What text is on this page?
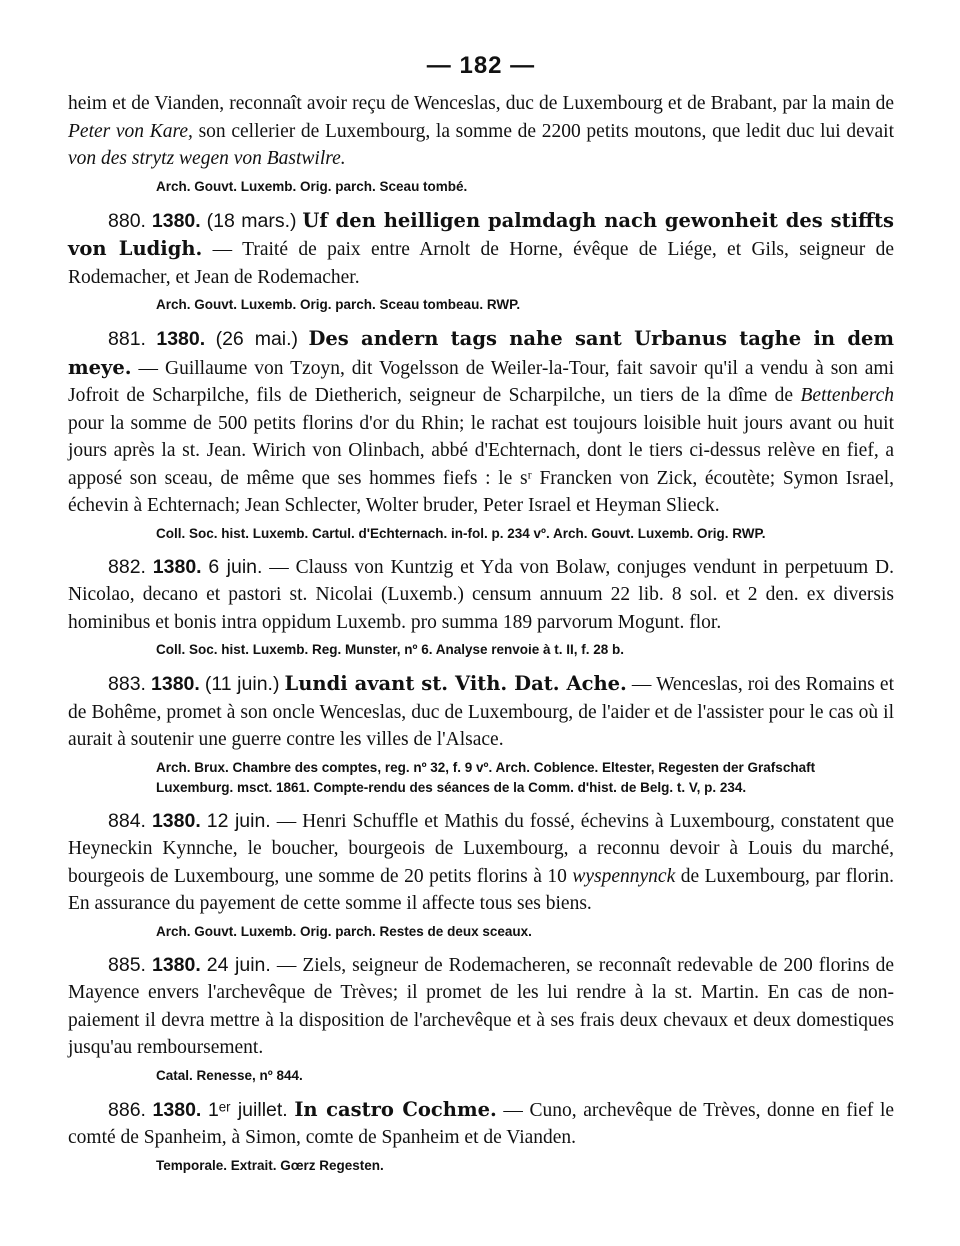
— 182 —

heim et de Vianden, reconnaît avoir reçu de Wenceslas, duc de Luxembourg et de Brabant, par la main de Peter von Kare, son cellerier de Luxembourg, la somme de 2200 petits moutons, que ledit duc lui devait von des strytz wegen von Bastwilre.

Arch. Gouvt. Luxemb. Orig. parch. Sceau tombé.

880. 1380. (18 mars.) Uf den heilligen palmdagh nach gewonheit des stiffts von Ludigh. — Traité de paix entre Arnolt de Horne, évêque de Liége, et Gils, seigneur de Rodemacher, et Jean de Rodemacher.

Arch. Gouvt. Luxemb. Orig. parch. Sceau tombeau. RWP.

881. 1380. (26 mai.) Des andern tags nahe sant Urbanus taghe in dem meye. — Guillaume von Tzoyn, dit Vogelsson de Weiler-la-Tour, fait savoir qu'il a vendu à son ami Jofroit de Scharpilche, fils de Dietherich, seigneur de Scharpilche, un tiers de la dîme de Bettenberch pour la somme de 500 petits florins d'or du Rhin; le rachat est toujours loisible huit jours avant ou huit jours après la st. Jean. Wirich von Olinbach, abbé d'Echternach, dont le tiers ci-dessus relève en fief, a apposé son sceau, de même que ses hommes fiefs : le sʳ Francken von Zick, écoutète; Symon Israel, échevin à Echternach; Jean Schlecter, Wolter bruder, Peter Israel et Heyman Slieck.

Coll. Soc. hist. Luxemb. Cartul. d'Echternach. in-fol. p. 234 vº. Arch. Gouvt. Luxemb. Orig. RWP.

882. 1380. 6 juin. — Clauss von Kuntzig et Yda von Bolaw, conjuges vendunt in perpetuum D. Nicolao, decano et pastori st. Nicolai (Luxemb.) censum annuum 22 lib. 8 sol. et 2 den. ex diversis hominibus et bonis intra oppidum Luxemb. pro summa 189 parvorum Mogunt. flor.

Coll. Soc. hist. Luxemb. Reg. Munster, nº 6. Analyse renvoie à t. II, f. 28 b.

883. 1380. (11 juin.) Lundi avant st. Vith. Dat. Ache. — Wenceslas, roi des Romains et de Bohême, promet à son oncle Wenceslas, duc de Luxembourg, de l'aider et de l'assister pour le cas où il aurait à soutenir une guerre contre les villes de l'Alsace.

Arch. Brux. Chambre des comptes, reg. nº 32, f. 9 vº. Arch. Coblence. Eltester, Regesten der Grafschaft Luxemburg. msct. 1861. Compte-rendu des séances de la Comm. d'hist. de Belg. t. V, p. 234.

884. 1380. 12 juin. — Henri Schuffle et Mathis du fossé, échevins à Luxembourg, constatent que Heyneckin Kynnche, le boucher, bourgeois de Luxembourg, a reconnu devoir à Louis du marché, bourgeois de Luxembourg, une somme de 20 petits florins à 10 wyspennynck de Luxembourg, par florin. En assurance du payement de cette somme il affecte tous ses biens.

Arch. Gouvt. Luxemb. Orig. parch. Restes de deux sceaux.

885. 1380. 24 juin. — Ziels, seigneur de Rodemacheren, se reconnaît redevable de 200 florins de Mayence envers l'archevêque de Trèves; il promet de les lui rendre à la st. Martin. En cas de non-paiement il devra mettre à la disposition de l'archevêque et à ses frais deux chevaux et deux domestiques jusqu'au remboursement.

Catal. Renesse, nº 844.

886. 1380. 1ᵉʳ juillet. In castro Cochme. — Cuno, archevêque de Trèves, donne en fief le comté de Spanheim, à Simon, comte de Spanheim et de Vianden.

Temporale. Extrait. Gœrz Regesten.
